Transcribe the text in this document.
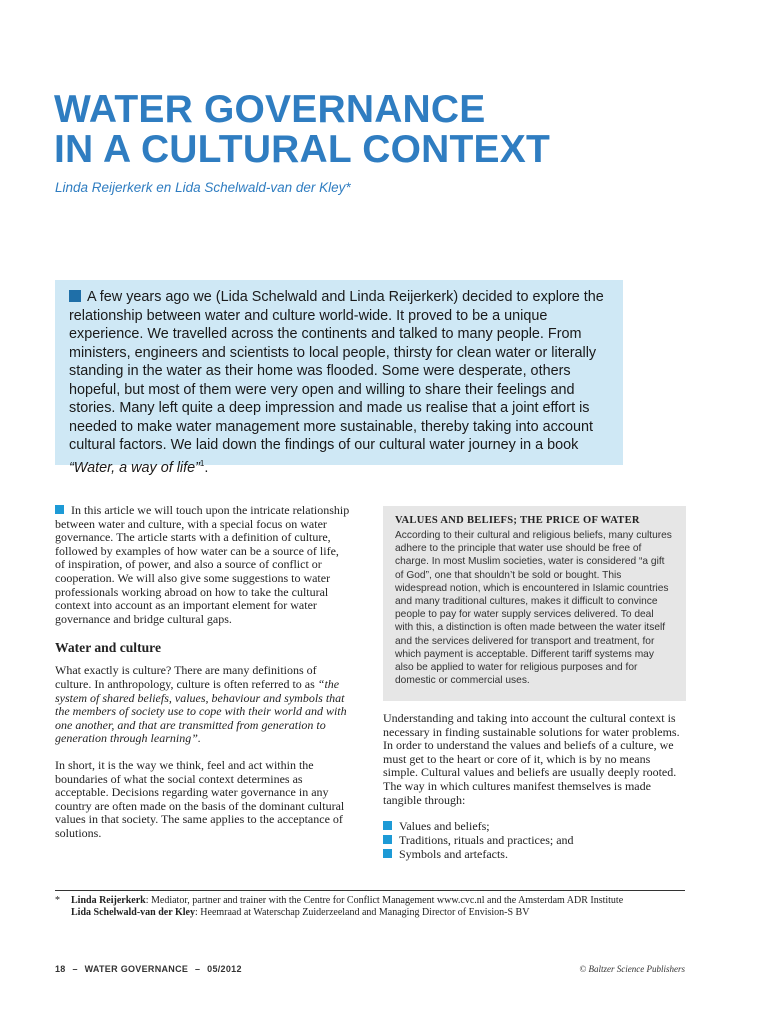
WATER GOVERNANCE
IN A CULTURAL CONTEXT
Linda Reijerkerk en Lida Schelwald-van der Kley*
A few years ago we (Lida Schelwald and Linda Reijerkerk) decided to explore the relationship between water and culture world-wide. It proved to be a unique experience. We travelled across the continents and talked to many people. From ministers, engineers and scientists to local people, thirsty for clean water or literally standing in the water as their home was flooded. Some were desperate, others hopeful, but most of them were very open and willing to share their feelings and stories. Many left quite a deep impression and made us realise that a joint effort is needed to make water management more sustainable, thereby taking into account cultural factors. We laid down the findings of our cultural water journey in a book “Water, a way of life”$^1$.

In this article we will touch upon the intricate relationship between water and culture, with a special focus on water governance. The article starts with a definition of culture, followed by examples of how water can be a source of life, of inspiration, of power, and also a source of conflict or cooperation. We will also give some suggestions to water professionals working abroad on how to take the cultural context into account as an important element for water governance and bridge cultural gaps.

Water and culture

What exactly is culture? There are many definitions of culture. In anthropology, culture is often referred to as “the system of shared beliefs, values, behaviour and symbols that the members of society use to cope with their world and with one another, and that are transmitted from generation to generation through learning”.

In short, it is the way we think, feel and act within the boundaries of what the social context determines as acceptable. Decisions regarding water governance in any country are often made on the basis of the dominant cultural values in that society. The same applies to the acceptance of solutions.

VALUES AND BELIEFS; THE PRICE OF WATER
According to their cultural and religious beliefs, many cultures adhere to the principle that water use should be free of charge. In most Muslim societies, water is considered “a gift of God”, one that shouldn’t be sold or bought. This widespread notion, which is encountered in Islamic countries and many traditional cultures, makes it difficult to convince people to pay for water supply services delivered. To deal with this, a distinction is often made between the water itself and the services delivered for transport and treatment, for which payment is acceptable. Different tariff systems may also be applied to water for religious purposes and for domestic or commercial uses.

Understanding and taking into account the cultural context is necessary in finding sustainable solutions for water problems. In order to understand the values and beliefs of a culture, we must get to the heart or core of it, which is by no means simple. Cultural values and beliefs are usually deeply rooted. The way in which cultures manifest themselves is made tangible through:

Values and beliefs;
Traditions, rituals and practices; and
Symbols and artefacts.
*	Linda Reijerkerk: Mediator, partner and trainer with the Centre for Conflict Management www.cvc.nl and the Amsterdam ADR Institute
Lida Schelwald-van der Kley: Heemraad at Waterschap Zuiderzeeland and Managing Director of Envision-S BV
18 – WATER GOVERNANCE – 05/2012	© Baltzer Science Publishers
